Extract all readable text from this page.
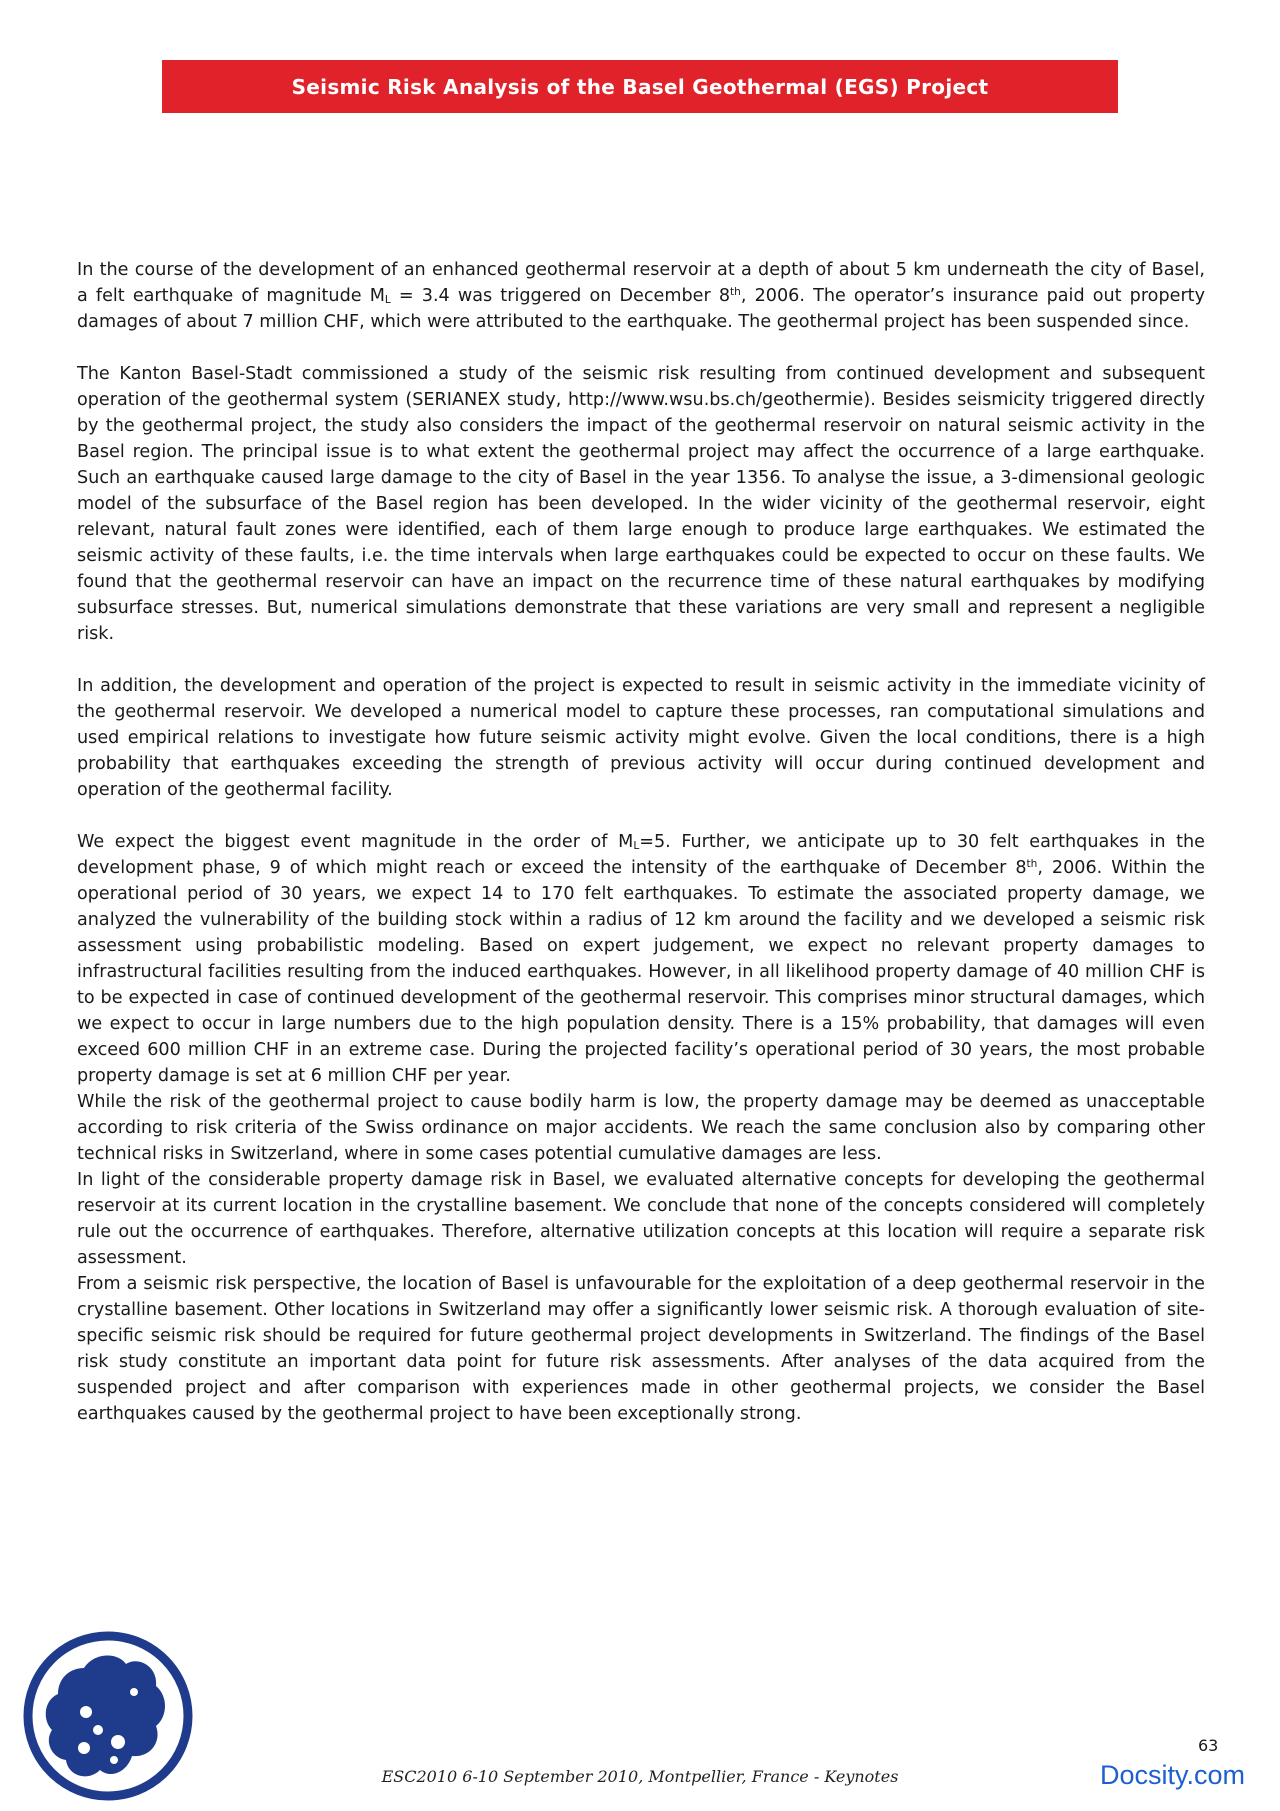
Seismic Risk Analysis of the Basel Geothermal (EGS) Project

In the course of the development of an enhanced geothermal reservoir at a depth of about 5 km underneath the city of Basel, a felt earthquake of magnitude $M_L = 3.4$ was triggered on December 8th, 2006. The operator’s insurance paid out property damages of about 7 million CHF, which were attributed to the earthquake. The geothermal project has been suspended since.

The Kanton Basel-Stadt commissioned a study of the seismic risk resulting from continued development and subsequent operation of the geothermal system (SERIANEX study, http://www.wsu.bs.ch/geothermie). Besides seismicity triggered directly by the geothermal project, the study also considers the impact of the geothermal reservoir on natural seismic activity in the Basel region. The principal issue is to what extent the geothermal project may affect the occurrence of a large earthquake. Such an earthquake caused large damage to the city of Basel in the year 1356. To analyse the issue, a 3-dimensional geologic model of the subsurface of the Basel region has been developed. In the wider vicinity of the geothermal reservoir, eight relevant, natural fault zones were identified, each of them large enough to produce large earthquakes. We estimated the seismic activity of these faults, i.e. the time intervals when large earthquakes could be expected to occur on these faults. We found that the geothermal reservoir can have an impact on the recurrence time of these natural earthquakes by modifying subsurface stresses. But, numerical simulations demonstrate that these variations are very small and represent a negligible risk.

In addition, the development and operation of the project is expected to result in seismic activity in the immediate vicinity of the geothermal reservoir. We developed a numerical model to capture these processes, ran computational simulations and used empirical relations to investigate how future seismic activity might evolve. Given the local conditions, there is a high probability that earthquakes exceeding the strength of previous activity will occur during continued development and operation of the geothermal facility.

We expect the biggest event magnitude in the order of $M_L=5$. Further, we anticipate up to 30 felt earthquakes in the development phase, 9 of which might reach or exceed the intensity of the earthquake of December 8th, 2006. Within the operational period of 30 years, we expect 14 to 170 felt earthquakes. To estimate the associated property damage, we analyzed the vulnerability of the building stock within a radius of 12 km around the facility and we developed a seismic risk assessment using probabilistic modeling. Based on expert judgement, we expect no relevant property damages to infrastructural facilities resulting from the induced earthquakes. However, in all likelihood property damage of 40 million CHF is to be expected in case of continued development of the geothermal reservoir. This comprises minor structural damages, which we expect to occur in large numbers due to the high population density. There is a 15% probability, that damages will even exceed 600 million CHF in an extreme case. During the projected facility’s operational period of 30 years, the most probable property damage is set at 6 million CHF per year.

While the risk of the geothermal project to cause bodily harm is low, the property damage may be deemed as unacceptable according to risk criteria of the Swiss ordinance on major accidents. We reach the same conclusion also by comparing other technical risks in Switzerland, where in some cases potential cumulative damages are less.

In light of the considerable property damage risk in Basel, we evaluated alternative concepts for developing the geothermal reservoir at its current location in the crystalline basement. We conclude that none of the concepts considered will completely rule out the occurrence of earthquakes. Therefore, alternative utilization concepts at this location will require a separate risk assessment.

From a seismic risk perspective, the location of Basel is unfavourable for the exploitation of a deep geothermal reservoir in the crystalline basement. Other locations in Switzerland may offer a significantly lower seismic risk. A thorough evaluation of site-specific seismic risk should be required for future geothermal project developments in Switzerland. The findings of the Basel risk study constitute an important data point for future risk assessments. After analyses of the data acquired from the suspended project and after comparison with experiences made in other geothermal projects, we consider the Basel earthquakes caused by the geothermal project to have been exceptionally strong.

63
ESC2010 6-10 September 2010, Montpellier, France - Keynotes	Docsity.com
